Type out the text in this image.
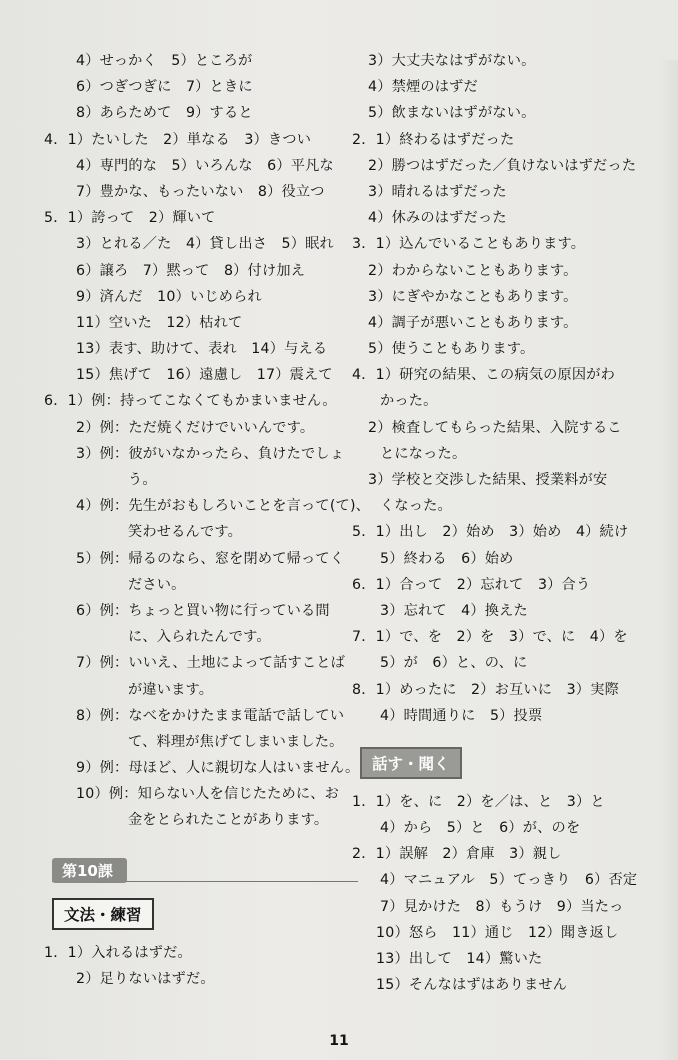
4）せっかく　5）ところが
6）つぎつぎに　7）ときに
8）あらためて　9）すると
4．1）たいした　2）単なる　3）きつい
4）専門的な　5）いろんな　6）平凡な
7）豊かな、もったいない　8）役立つ
5．1）誇って　2）輝いて
3）とれる／た　4）貸し出さ　5）眠れ
6）譲ろ　7）黙って　8）付け加え
9）済んだ　10）いじめられ
11）空いた　12）枯れて
13）表す、助けて、表れ　14）与える
15）焦げて　16）遠慮し　17）震えて
6．1）例：持ってこなくてもかまいません。
2）例：ただ焼くだけでいいんです。
3）例：彼がいなかったら、負けたでしょ
う。
4）例：先生がおもしろいことを言って(て)、
笑わせるんです。
5）例：帰るのなら、窓を閉めて帰ってく
ださい。
6）例：ちょっと買い物に行っている間
に、入られたんです。
7）例：いいえ、土地によって話すことば
が違います。
8）例：なべをかけたまま電話で話してい
て、料理が焦げてしまいました。
9）例：母ほど、人に親切な人はいません。
10）例：知らない人を信じたために、お
金をとられたことがあります。
第10課
文法・練習
1．1）入れるはずだ。
2）足りないはずだ。
3）大丈夫なはずがない。
4）禁煙のはずだ
5）飲まないはずがない。
2．1）終わるはずだった
2）勝つはずだった／負けないはずだった
3）晴れるはずだった
4）休みのはずだった
3．1）込んでいることもあります。
2）わからないこともあります。
3）にぎやかなこともあります。
4）調子が悪いこともあります。
5）使うこともあります。
4．1）研究の結果、この病気の原因がわ
かった。
2）検査してもらった結果、入院するこ
とになった。
3）学校と交渉した結果、授業料が安
くなった。
5．1）出し　2）始め　3）始め　4）続け
5）終わる　6）始め
6．1）合って　2）忘れて　3）合う
3）忘れて　4）換えた
7．1）で、を　2）を　3）で、に　4）を
5）が　6）と、の、に
8．1）めったに　2）お互いに　3）実際
4）時間通りに　5）投票
話す・聞く
1．1）を、に　2）を／は、と　3）と
4）から　5）と　6）が、のを
2．1）誤解　2）倉庫　3）親し
4）マニュアル　5）てっきり　6）否定
7）見かけた　8）もうけ　9）当たっ
10）怒ら　11）通じ　12）聞き返し
13）出して　14）驚いた
15）そんなはずはありません
11
